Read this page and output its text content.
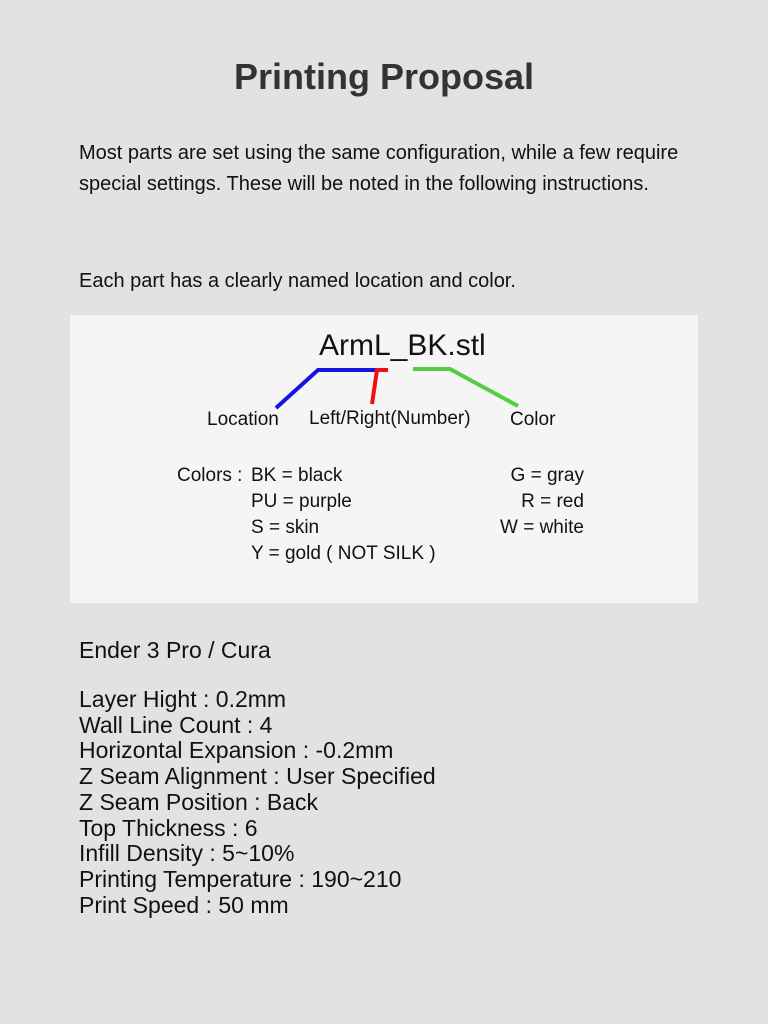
Printing Proposal

Most parts are set using the same configuration, while a few require

special settings. These will be noted in the following instructions.

Each part has a clearly named location and color.
ArmL_BK.stl
Location Left/Right(Number) Color
Colors : BK = black
PU = purple
S = skin
Y = gold ( NOT SILK )
G = gray
R = red
W = white
Ender 3 Pro / Cura
Layer Hight : 0.2mm
Wall Line Count : 4
Horizontal Expansion : -0.2mm
Z Seam Alignment : User Specified
Z Seam Position : Back
Top Thickness : 6
Infill Density : 5~10%
Printing Temperature : 190~210
Print Speed : 50 mm
